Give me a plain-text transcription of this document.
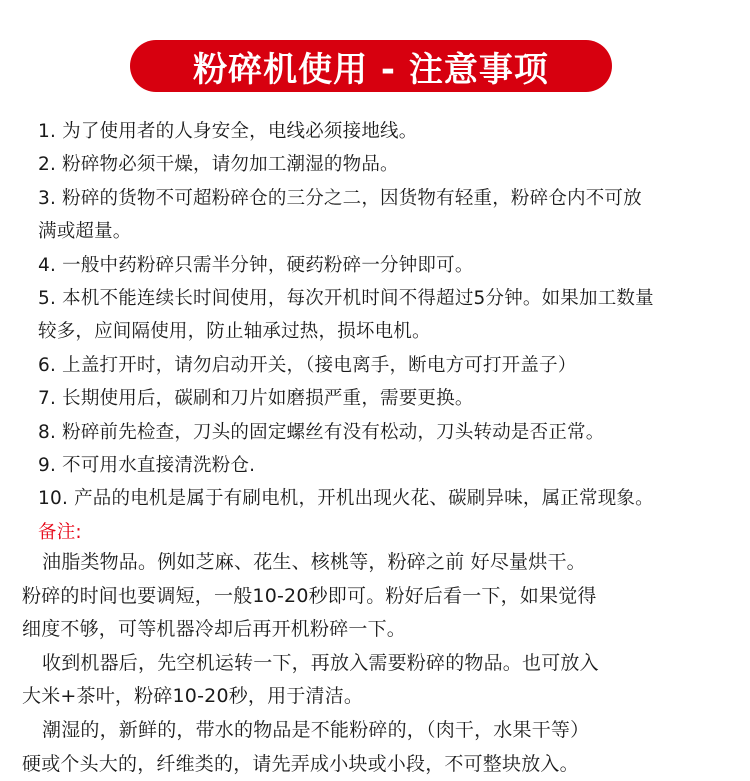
粉碎机使用 - 注意事项
1. 为了使用者的人身安全，电线必须接地线。
2. 粉碎物必须干燥，请勿加工潮湿的物品。
3. 粉碎的货物不可超粉碎仓的三分之二，因货物有轻重，粉碎仓内不可放
满或超量。
4. 一般中药粉碎只需半分钟，硬药粉碎一分钟即可。
5. 本机不能连续长时间使用，每次开机时间不得超过5分钟。如果加工数量
较多，应间隔使用，防止轴承过热，损坏电机。
6. 上盖打开时，请勿启动开关，（接电离手，断电方可打开盖子）
7. 长期使用后，碳刷和刀片如磨损严重，需要更换。
8. 粉碎前先检查，刀头的固定螺丝有没有松动，刀头转动是否正常。
9. 不可用水直接清洗粉仓.
10. 产品的电机是属于有刷电机，开机出现火花、碳刷异味，属正常现象。
备注:
油脂类物品。例如芝麻、花生、核桃等，粉碎之前 好尽量烘干。
粉碎的时间也要调短，一般10-20秒即可。粉好后看一下，如果觉得
细度不够，可等机器冷却后再开机粉碎一下。
收到机器后，先空机运转一下，再放入需要粉碎的物品。也可放入
大米+茶叶，粉碎10-20秒，用于清洁。
潮湿的，新鲜的，带水的物品是不能粉碎的，（肉干，水果干等）
硬或个头大的，纤维类的，请先弄成小块或小段，不可整块放入。
